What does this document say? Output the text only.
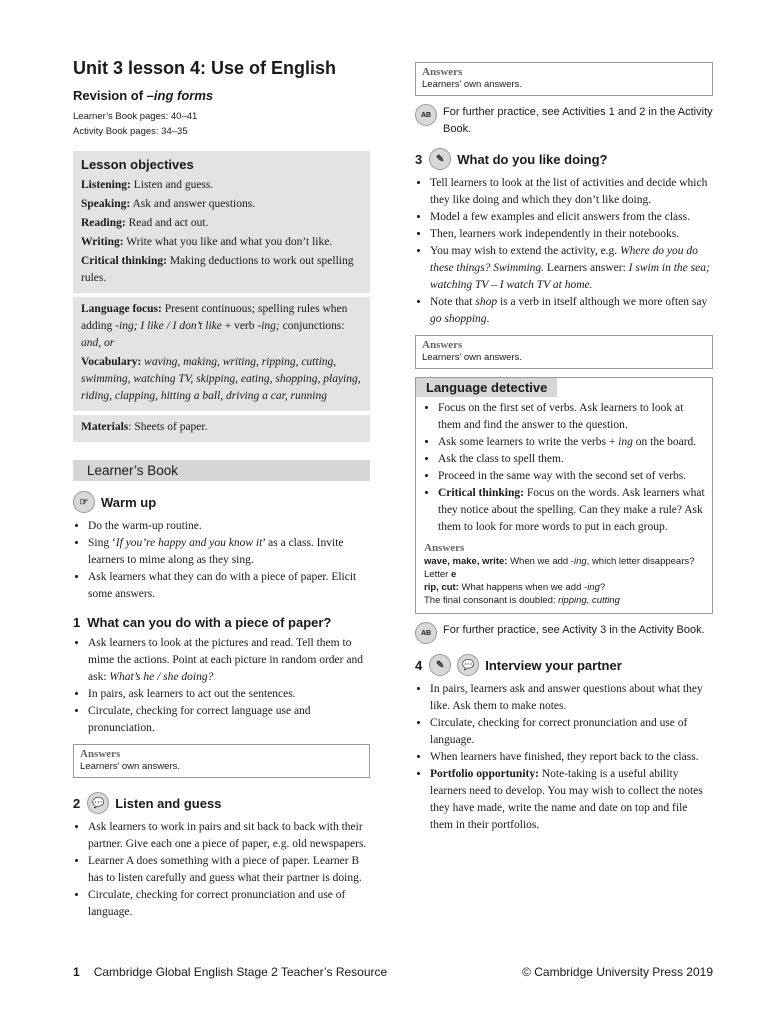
Unit 3 lesson 4: Use of English
Revision of –ing forms
Learner’s Book pages: 40–41
Activity Book pages: 34–35
Lesson objectives

Listening: Listen and guess.

Speaking: Ask and answer questions.

Reading: Read and act out.

Writing: Write what you like and what you don’t like.

Critical thinking: Making deductions to work out spelling rules.

Language focus: Present continuous; spelling rules when adding -ing; I like / I don’t like + verb -ing; conjunctions: and, or

Vocabulary: waving, making, writing, ripping, cutting, swimming, watching TV, skipping, eating, shopping, playing, riding, clapping, hitting a ball, driving a car, running

Materials: Sheets of paper.

Learner’s Book
☞ Warm up
• Do the warm-up routine.
• Sing ‘If you’re happy and you know it’ as a class. Invite learners to mime along as they sing.
• Ask learners what they can do with a piece of paper. Elicit some answers.
1 What can you do with a piece of paper?
• Ask learners to look at the pictures and read. Tell them to mime the actions. Point at each picture in random order and ask: What’s he / she doing?
• In pairs, ask learners to act out the sentences.
• Circulate, checking for correct language use and pronunciation.
Answers
Learners’ own answers.
2	💬 Listen and guess
• Ask learners to work in pairs and sit back to back with their partner. Give each one a piece of paper, e.g. old newspapers.
• Learner A does something with a piece of paper. Learner B has to listen carefully and guess what their partner is doing.
• Circulate, checking for correct pronunciation and use of language.
Answers
Learners’ own answers.
AB	For further practice, see Activities 1 and 2 in the Activity Book.
3	✎ What do you like doing?
• Tell learners to look at the list of activities and decide which they like doing and which they don’t like doing.
• Model a few examples and elicit answers from the class.
• Then, learners work independently in their notebooks.
• You may wish to extend the activity, e.g. Where do you do these things? Swimming. Learners answer: I swim in the sea; watching TV – I watch TV at home.
• Note that shop is a verb in itself although we more often say go shopping.
Answers
Learners’ own answers.
Language detective
• Focus on the first set of verbs. Ask learners to look at them and find the answer to the question.
• Ask some learners to write the verbs + ing on the board.
• Ask the class to spell them.
• Proceed in the same way with the second set of verbs.
• Critical thinking: Focus on the words. Ask learners what they notice about the spelling. Can they make a rule? Ask them to look for more words to put in each group.
Answers
wave, make, write: When we add -ing, which letter disappears?
Letter e
rip, cut: What happens when we add -ing?
The final consonant is doubled: ripping, cutting
AB	For further practice, see Activity 3 in the Activity Book.
4	✎	💬 Interview your partner
• In pairs, learners ask and answer questions about what they like. Ask them to make notes.
• Circulate, checking for correct pronunciation and use of language.
• When learners have finished, they report back to the class.
• Portfolio opportunity: Note-taking is a useful ability learners need to develop. You may wish to collect the notes they have made, write the name and date on top and file them in their portfolios.
1 Cambridge Global English Stage 2 Teacher’s Resource	© Cambridge University Press 2019
